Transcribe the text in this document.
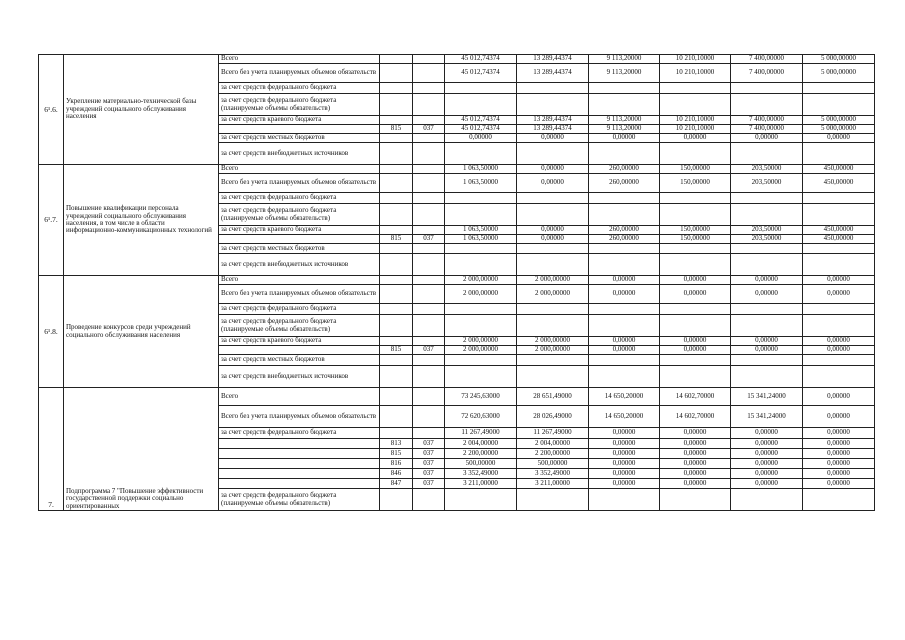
6¹.6.	Укрепление материально-технической базы учреждений социального обслуживания населения	Всего			45 012,74374	13 289,44374	9 113,20000	10 210,10000	7 400,00000	5 000,00000
		Всего без учета планируемых объемов обязательств			45 012,74374	13 289,44374	9 113,20000	10 210,10000	7 400,00000	5 000,00000
		за счет средств федерального бюджета								
		за счет средств федерального бюджета (планируемые объемы обязательств)								
		за счет средств краевого бюджета			45 012,74374	13 289,44374	9 113,20000	10 210,10000	7 400,00000	5 000,00000
			815	037	45 012,74374	13 289,44374	9 113,20000	10 210,10000	7 400,00000	5 000,00000
		за счет средств местных бюджетов			0,00000	0,00000	0,00000	0,00000	0,00000	0,00000
		за счет средств внебюджетных источников								
6¹.7.	Повышение квалификации персонала учреждений социального обслуживания населения, в том числе в области информационно-коммуникационных технологий	Всего			1 063,50000	0,00000	260,00000	150,00000	203,50000	450,00000
		Всего без учета планируемых объемов обязательств			1 063,50000	0,00000	260,00000	150,00000	203,50000	450,00000
		за счет средств федерального бюджета								
		за счет средств федерального бюджета (планируемые объемы обязательств)								
		за счет средств краевого бюджета			1 063,50000	0,00000	260,00000	150,00000	203,50000	450,00000
			815	037	1 063,50000	0,00000	260,00000	150,00000	203,50000	450,00000
		за счет средств местных бюджетов								
		за счет средств внебюджетных источников								
6¹.8.	Проведение конкурсов среди учреждений социального обслуживания населения	Всего			2 000,00000	2 000,00000	0,00000	0,00000	0,00000	0,00000
		Всего без учета планируемых объемов обязательств			2 000,00000	2 000,00000	0,00000	0,00000	0,00000	0,00000
		за счет средств федерального бюджета								
		за счет средств федерального бюджета (планируемые объемы обязательств)								
		за счет средств краевого бюджета			2 000,00000	2 000,00000	0,00000	0,00000	0,00000	0,00000
			815	037	2 000,00000	2 000,00000	0,00000	0,00000	0,00000	0,00000
		за счет средств местных бюджетов								
		за счет средств внебюджетных источников								
7.	Подпрограмма 7 "Повышение эффективности государственной поддержки социально ориентированных	Всего			73 245,63000	28 651,49000	14 650,20000	14 602,70000	15 341,24000	0,00000
		Всего без учета планируемых объемов обязательств			72 620,63000	28 026,49000	14 650,20000	14 602,70000	15 341,24000	0,00000
		за счет средств федерального бюджета			11 267,49000	11 267,49000	0,00000	0,00000	0,00000	0,00000
			813	037	2 004,00000	2 004,00000	0,00000	0,00000	0,00000	0,00000
			815	037	2 200,00000	2 200,00000	0,00000	0,00000	0,00000	0,00000
			816	037	500,00000	500,00000	0,00000	0,00000	0,00000	0,00000
			846	037	3 352,49000	3 352,49000	0,00000	0,00000	0,00000	0,00000
			847	037	3 211,00000	3 211,00000	0,00000	0,00000	0,00000	0,00000
		за счет средств федерального бюджета (планируемые объемы обязательств)								
